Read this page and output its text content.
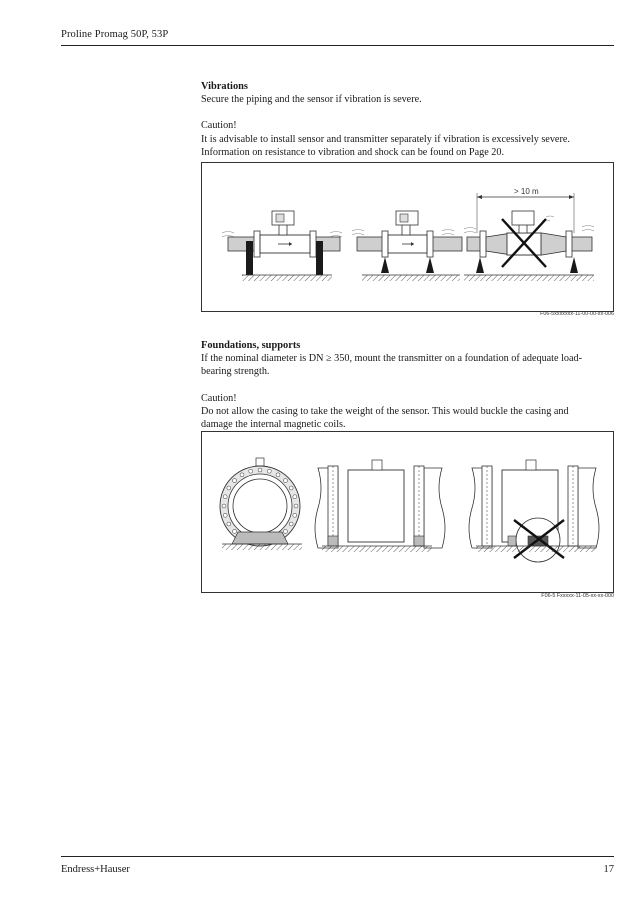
Proline Promag 50P, 53P
Vibrations

Secure the piping and the sensor if vibration is severe.

Caution!

It is advisable to install sensor and transmitter separately if vibration is excessively severe.

Information on resistance to vibration and shock can be found on Page 20.

> 10 m
F06-5xxxxxxx-11-00-00-xx-006
Foundations, supports

If the nominal diameter is DN ≥ 350, mount the transmitter on a foundation of adequate load-

bearing strength.

Caution!

Do not allow the casing to take the weight of the sensor. This would buckle the casing and

damage the internal magnetic coils.

F06-5 Fxxxxx-11-05-xx-xx-000
Endress+Hauser	17
